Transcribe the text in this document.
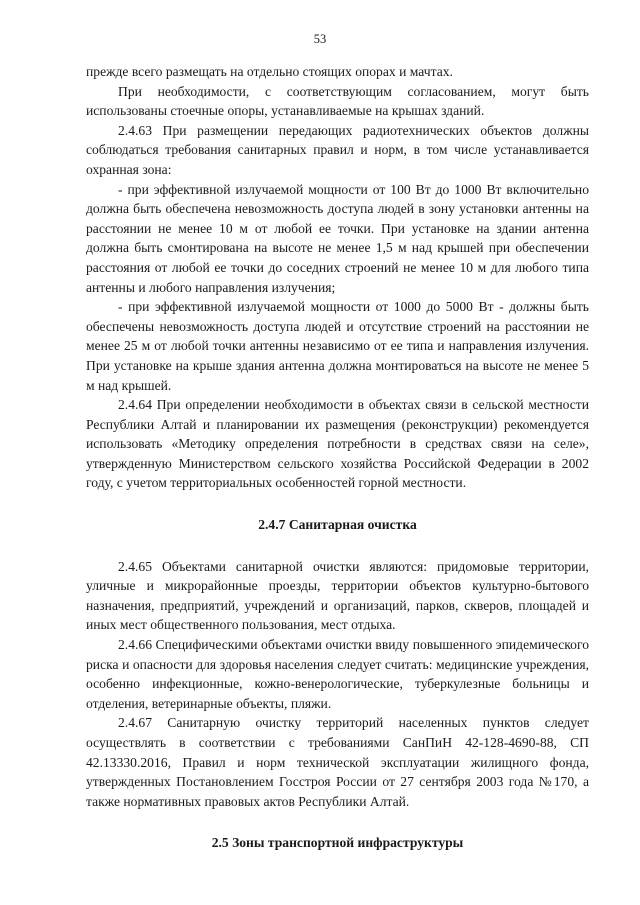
53

прежде всего размещать на отдельно стоящих опорах и мачтах.

При необходимости, с соответствующим согласованием, могут быть использованы стоечные опоры, устанавливаемые на крышах зданий.

2.4.63 При размещении передающих радиотехнических объектов должны соблюдаться требования санитарных правил и норм, в том числе устанавливается охранная зона:

- при эффективной излучаемой мощности от 100 Вт до 1000 Вт включительно должна быть обеспечена невозможность доступа людей в зону установки антенны на расстоянии не менее 10 м от любой ее точки. При установке на здании антенна должна быть смонтирована на высоте не менее 1,5 м над крышей при обеспечении расстояния от любой ее точки до соседних строений не менее 10 м для любого типа антенны и любого направления излучения;

- при эффективной излучаемой мощности от 1000 до 5000 Вт - должны быть обеспечены невозможность доступа людей и отсутствие строений на расстоянии не менее 25 м от любой точки антенны независимо от ее типа и направления излучения. При установке на крыше здания антенна должна монтироваться на высоте не менее 5 м над крышей.

2.4.64 При определении необходимости в объектах связи в сельской местности Республики Алтай и планировании их размещения (реконструкции) рекомендуется использовать «Методику определения потребности в средствах связи на селе», утвержденную Министерством сельского хозяйства Российской Федерации в 2002 году, с учетом территориальных особенностей горной местности.

2.4.7 Санитарная очистка

2.4.65 Объектами санитарной очистки являются: придомовые территории, уличные и микрорайонные проезды, территории объектов культурно-бытового назначения, предприятий, учреждений и организаций, парков, скверов, площадей и иных мест общественного пользования, мест отдыха.

2.4.66 Специфическими объектами очистки ввиду повышенного эпидемического риска и опасности для здоровья населения следует считать: медицинские учреждения, особенно инфекционные, кожно-венерологические, туберкулезные больницы и отделения, ветеринарные объекты, пляжи.

2.4.67 Санитарную очистку территорий населенных пунктов следует осуществлять в соответствии с требованиями СанПиН 42-128-4690-88, СП 42.13330.2016, Правил и норм технической эксплуатации жилищного фонда, утвержденных Постановлением Госстроя России от 27 сентября 2003 года №170, а также нормативных правовых актов Республики Алтай.

2.5 Зоны транспортной инфраструктуры
